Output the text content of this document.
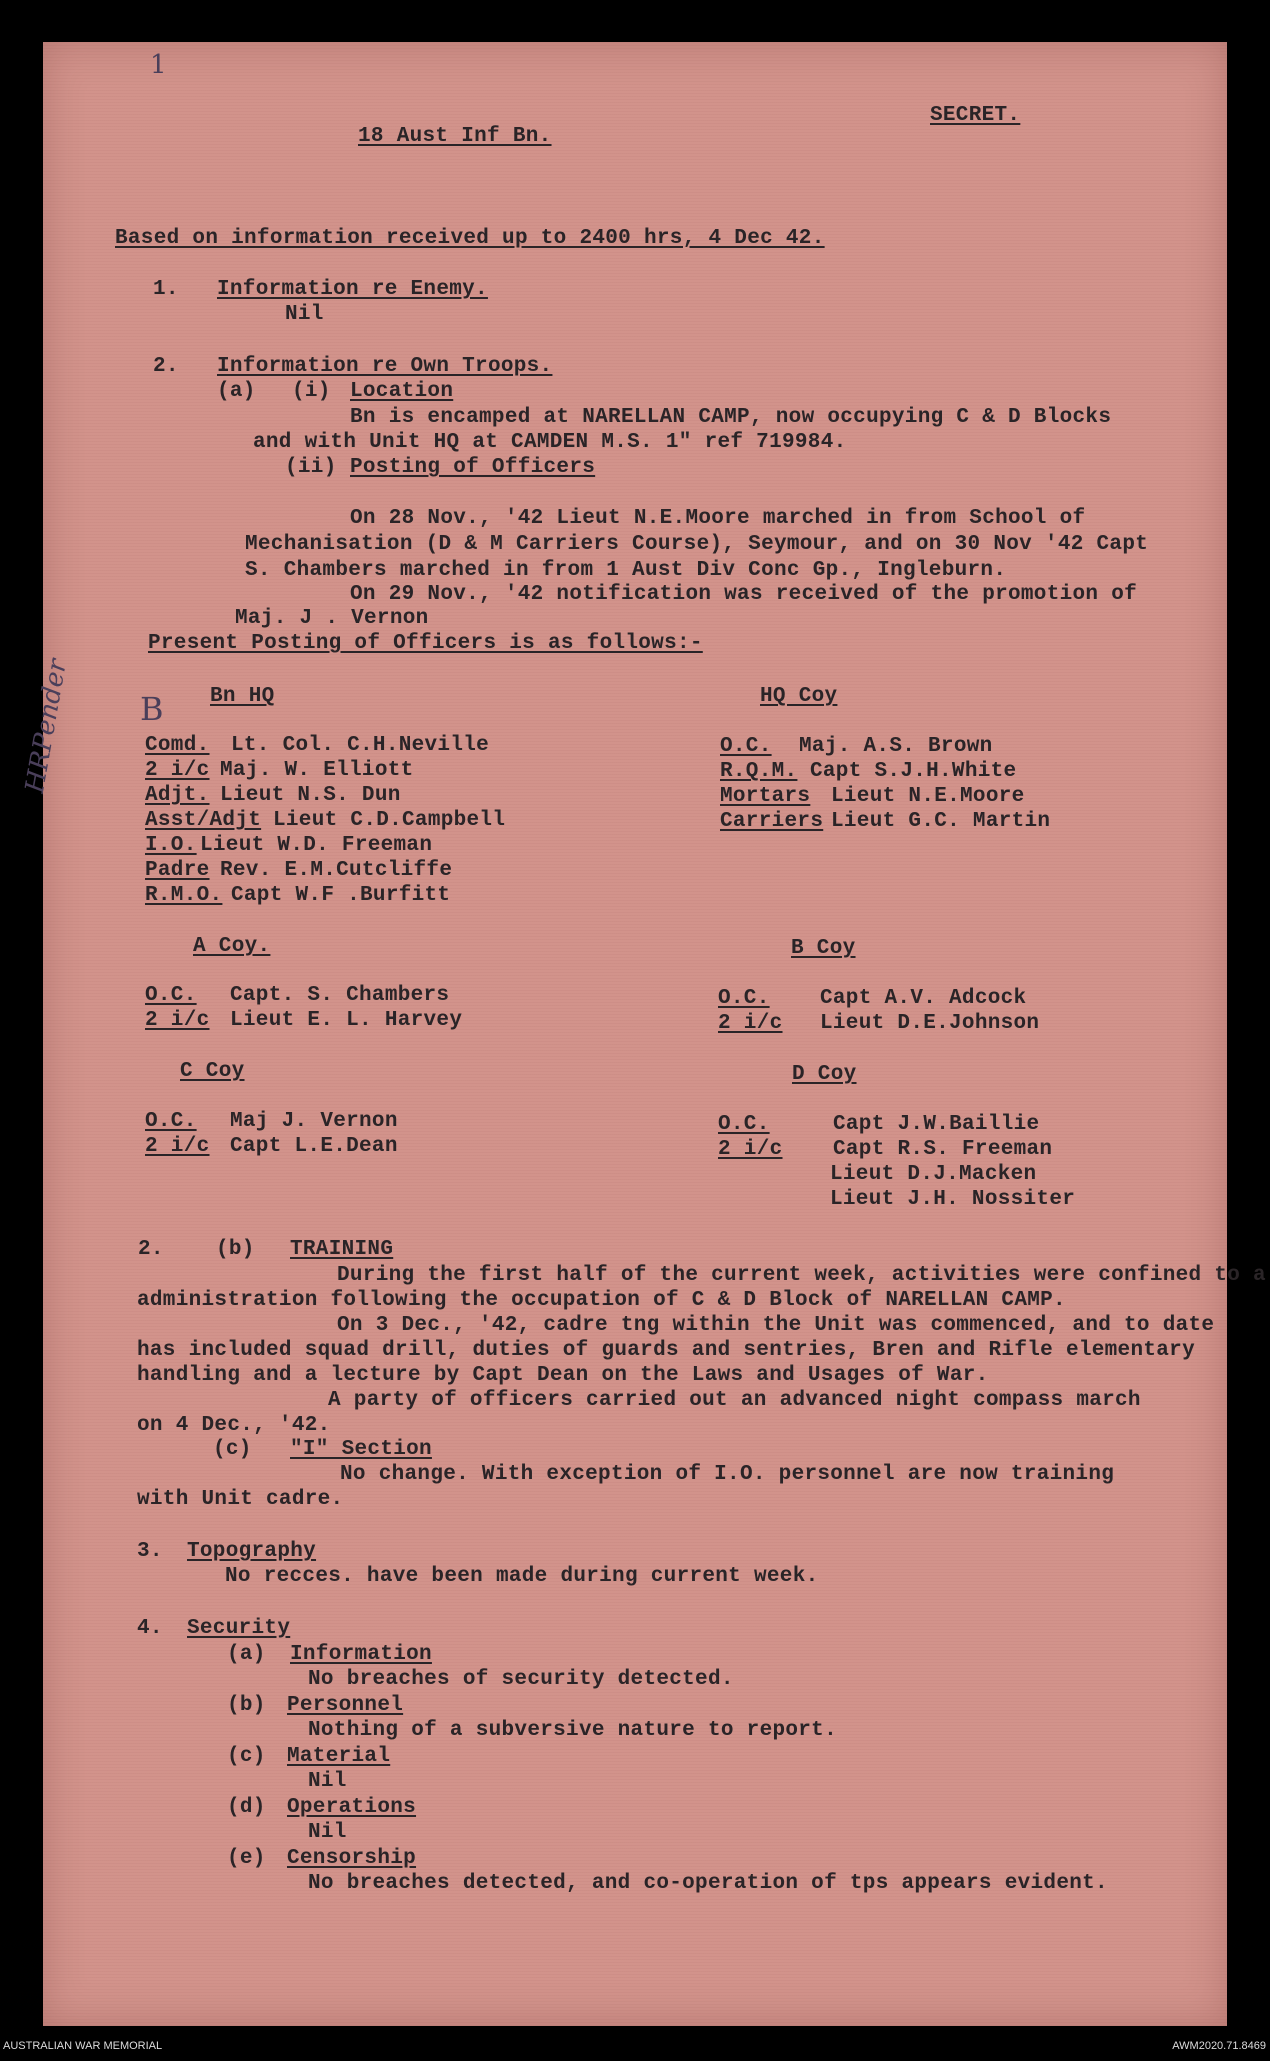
1
B
HRPender
18 Aust Inf Bn.
SECRET.
Based on information received up to 2400 hrs, 4 Dec 42.
1. Information re Enemy.
Nil
2. Information re Own Troops.
(a) (i) Location
Bn is encamped at NARELLAN CAMP, now occupying C & D Blocks
and with Unit HQ at CAMDEN M.S. 1" ref 719984.
(ii) Posting of Officers
On 28 Nov., '42 Lieut N.E.Moore marched in from School of
Mechanisation (D & M Carriers Course), Seymour, and on 30 Nov '42 Capt
S. Chambers marched in from 1 Aust Div Conc Gp., Ingleburn.
On 29 Nov., '42 notification was received of the promotion of
Maj. J . Vernon
Present Posting of Officers is as follows:-
Bn HQ
Comd. Lt. Col. C.H.Neville
2 i/c Maj. W. Elliott
Adjt. Lieut N.S. Dun
Asst/Adjt Lieut C.D.Campbell
I.O. Lieut W.D. Freeman
Padre Rev. E.M.Cutcliffe
R.M.O. Capt W.F .Burfitt
HQ Coy
O.C. Maj. A.S. Brown
R.Q.M. Capt S.J.H.White
Mortars Lieut N.E.Moore
Carriers Lieut G.C. Martin
A Coy.
O.C. Capt. S. Chambers
2 i/c Lieut E. L. Harvey
B Coy
O.C. Capt A.V. Adcock
2 i/c Lieut D.E.Johnson
C Coy
O.C. Maj J. Vernon
2 i/c Capt L.E.Dean
D Coy
O.C.	Capt J.W.Baillie
2 i/c Capt R.S. Freeman
Lieut D.J.Macken
Lieut J.H. Nossiter
2. (b) TRAINING
During the first half of the current week, activities were confined to a
administration following the occupation of C & D Block of NARELLAN CAMP.
On 3 Dec., '42, cadre tng within the Unit was commenced, and to date
has included squad drill, duties of guards and sentries, Bren and Rifle elementary
handling and a lecture by Capt Dean on the Laws and Usages of War.
A party of officers carried out an advanced night compass march
on 4 Dec., '42.
(c) "I" Section
No change. With exception of I.O. personnel are now training
with Unit cadre.
3. Topography
No recces. have been made during current week.
4. Security
(a) Information
No breaches of security detected.
(b) Personnel
Nothing of a subversive nature to report.
(c) Material
Nil
(d) Operations
Nil
(e) Censorship
No breaches detected, and co-operation of tps appears evident.
AUSTRALIAN WAR MEMORIAL	AWM2020.71.8469
